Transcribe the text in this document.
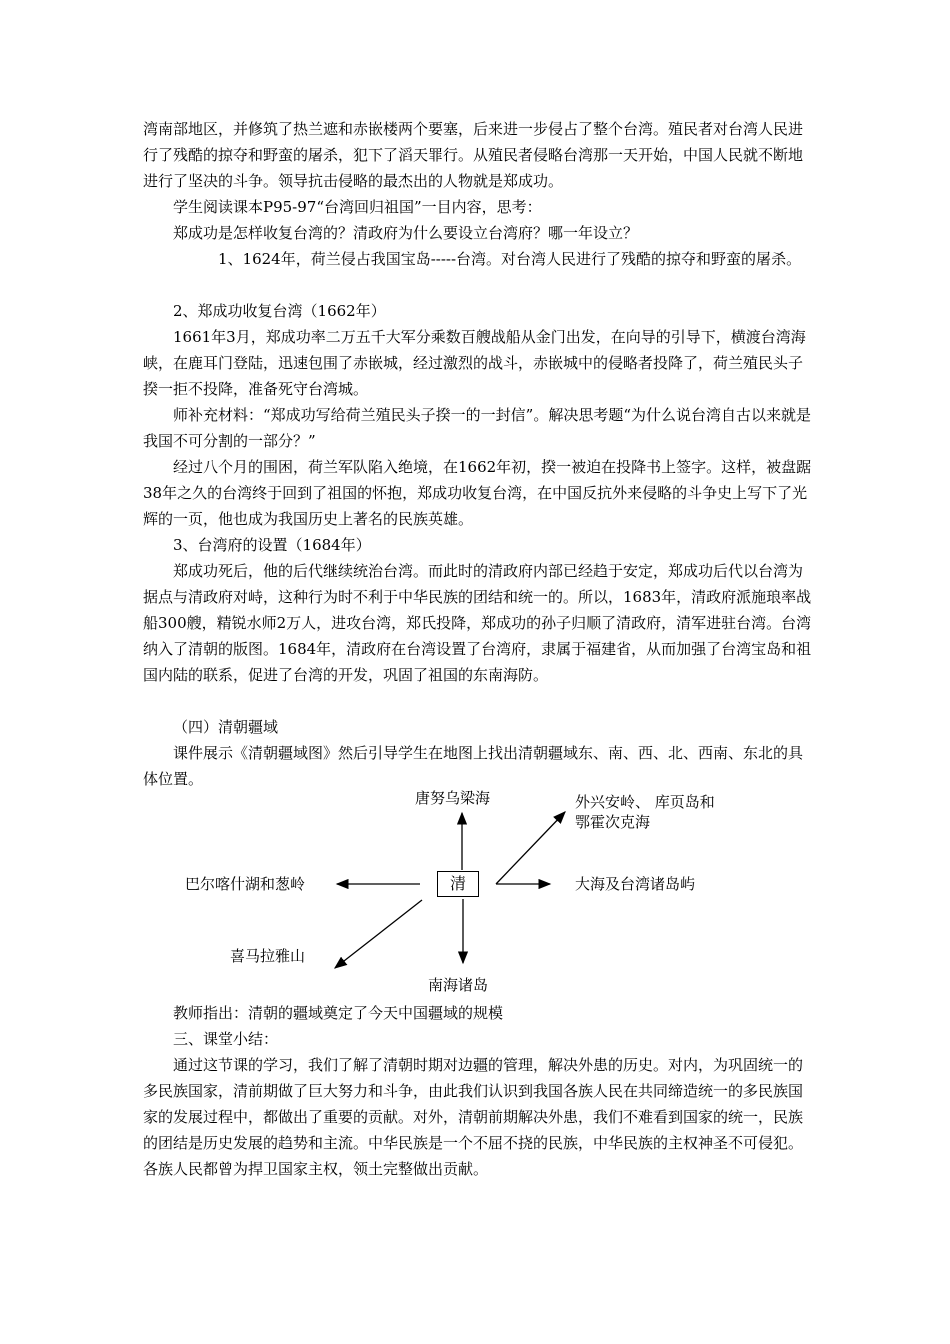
湾南部地区，并修筑了热兰遮和赤嵌楼两个要塞，后来进一步侵占了整个台湾。殖民者对台湾人民进行了残酷的掠夺和野蛮的屠杀，犯下了滔天罪行。从殖民者侵略台湾那一天开始，中国人民就不断地进行了坚决的斗争。领导抗击侵略的最杰出的人物就是郑成功。

学生阅读课本P95-97“台湾回归祖国”一目内容，思考：

郑成功是怎样收复台湾的？清政府为什么要设立台湾府？哪一年设立？

1、1624年，荷兰侵占我国宝岛-----台湾。对台湾人民进行了残酷的掠夺和野蛮的屠杀。

2、郑成功收复台湾（1662年）

1661年3月，郑成功率二万五千大军分乘数百艘战船从金门出发，在向导的引导下，横渡台湾海峡，在鹿耳门登陆，迅速包围了赤嵌城，经过激烈的战斗，赤嵌城中的侵略者投降了，荷兰殖民头子揆一拒不投降，准备死守台湾城。

师补充材料：“郑成功写给荷兰殖民头子揆一的一封信”。解决思考题“为什么说台湾自古以来就是我国不可分割的一部分？”

经过八个月的围困，荷兰军队陷入绝境，在1662年初，揆一被迫在投降书上签字。这样，被盘踞38年之久的台湾终于回到了祖国的怀抱，郑成功收复台湾，在中国反抗外来侵略的斗争史上写下了光辉的一页，他也成为我国历史上著名的民族英雄。

3、台湾府的设置（1684年）

郑成功死后，他的后代继续统治台湾。而此时的清政府内部已经趋于安定，郑成功后代以台湾为据点与清政府对峙，这种行为时不利于中华民族的团结和统一的。所以，1683年，清政府派施琅率战船300艘，精锐水师2万人，进攻台湾，郑氏投降，郑成功的孙子归顺了清政府，清军进驻台湾。台湾纳入了清朝的版图。1684年，清政府在台湾设置了台湾府，隶属于福建省，从而加强了台湾宝岛和祖国内陆的联系，促进了台湾的开发，巩固了祖国的东南海防。

（四）清朝疆域

课件展示《清朝疆域图》然后引导学生在地图上找出清朝疆域东、南、西、北、西南、东北的具体位置。

清
唐努乌梁海	外兴安岭、 库页岛和
鄂霍次克海
大海及台湾诸岛屿
巴尔喀什湖和葱岭
喜马拉雅山
南海诸岛

教师指出：清朝的疆域奠定了今天中国疆域的规模

三、课堂小结：

通过这节课的学习，我们了解了清朝时期对边疆的管理，解决外患的历史。对内，为巩固统一的多民族国家，清前期做了巨大努力和斗争，由此我们认识到我国各族人民在共同缔造统一的多民族国家的发展过程中，都做出了重要的贡献。对外，清朝前期解决外患，我们不难看到国家的统一，民族的团结是历史发展的趋势和主流。中华民族是一个不屈不挠的民族，中华民族的主权神圣不可侵犯。各族人民都曾为捍卫国家主权，领土完整做出贡献。
